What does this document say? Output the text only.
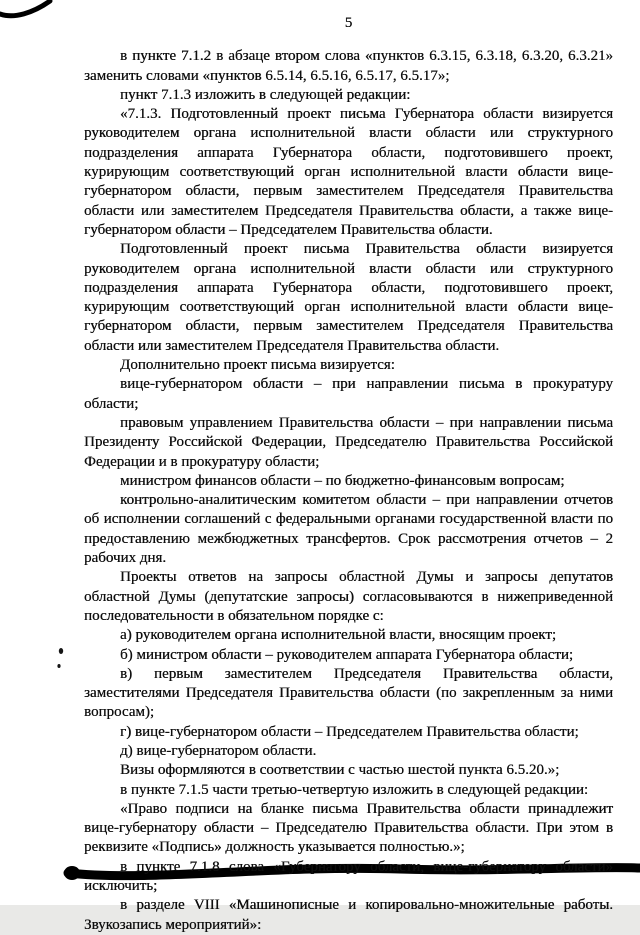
5

в пункте 7.1.2 в абзаце втором слова «пунктов 6.3.15, 6.3.18, 6.3.20, 6.3.21» заменить словами «пунктов 6.5.14, 6.5.16, 6.5.17, 6.5.17»;

пункт 7.1.3 изложить в следующей редакции:

«7.1.3. Подготовленный проект письма Губернатора области визируется руководителем органа исполнительной власти области или структурного подразделения аппарата Губернатора области, подготовившего проект, курирующим соответствующий орган исполнительной власти области вице-губернатором области, первым заместителем Председателя Правительства области или заместителем Председателя Правительства области, а также вице-губернатором области – Председателем Правительства области.

Подготовленный проект письма Правительства области визируется руководителем органа исполнительной власти области или структурного подразделения аппарата Губернатора области, подготовившего проект, курирующим соответствующий орган исполнительной власти области вице-губернатором области, первым заместителем Председателя Правительства области или заместителем Председателя Правительства области.

Дополнительно проект письма визируется:

вице-губернатором области – при направлении письма в прокуратуру области;

правовым управлением Правительства области – при направлении письма Президенту Российской Федерации, Председателю Правительства Российской Федерации и в прокуратуру области;

министром финансов области – по бюджетно-финансовым вопросам;

контрольно-аналитическим комитетом области – при направлении отчетов об исполнении соглашений с федеральными органами государственной власти по предоставлению межбюджетных трансфертов. Срок рассмотрения отчетов – 2 рабочих дня.

Проекты ответов на запросы областной Думы и запросы депутатов областной Думы (депутатские запросы) согласовываются в нижеприведенной последовательности в обязательном порядке с:

а) руководителем органа исполнительной власти, вносящим проект;

б) министром области – руководителем аппарата Губернатора области;

в) первым заместителем Председателя Правительства области, заместителями Председателя Правительства области (по закрепленным за ними вопросам);

г) вице-губернатором области – Председателем Правительства области;

д) вице-губернатором области.

Визы оформляются в соответствии с частью шестой пункта 6.5.20.»;

в пункте 7.1.5 части третью-четвертую изложить в следующей редакции:

«Право подписи на бланке письма Правительства области принадлежит вице-губернатору области – Председателю Правительства области. При этом в реквизите «Подпись» должность указывается полностью.»;

в пункте 7.1.8 слова «Губернатору области, вице-губернатору области» исключить;

в разделе VIII «Машинописные и копировально-множительные работы. Звукозапись мероприятий»:
